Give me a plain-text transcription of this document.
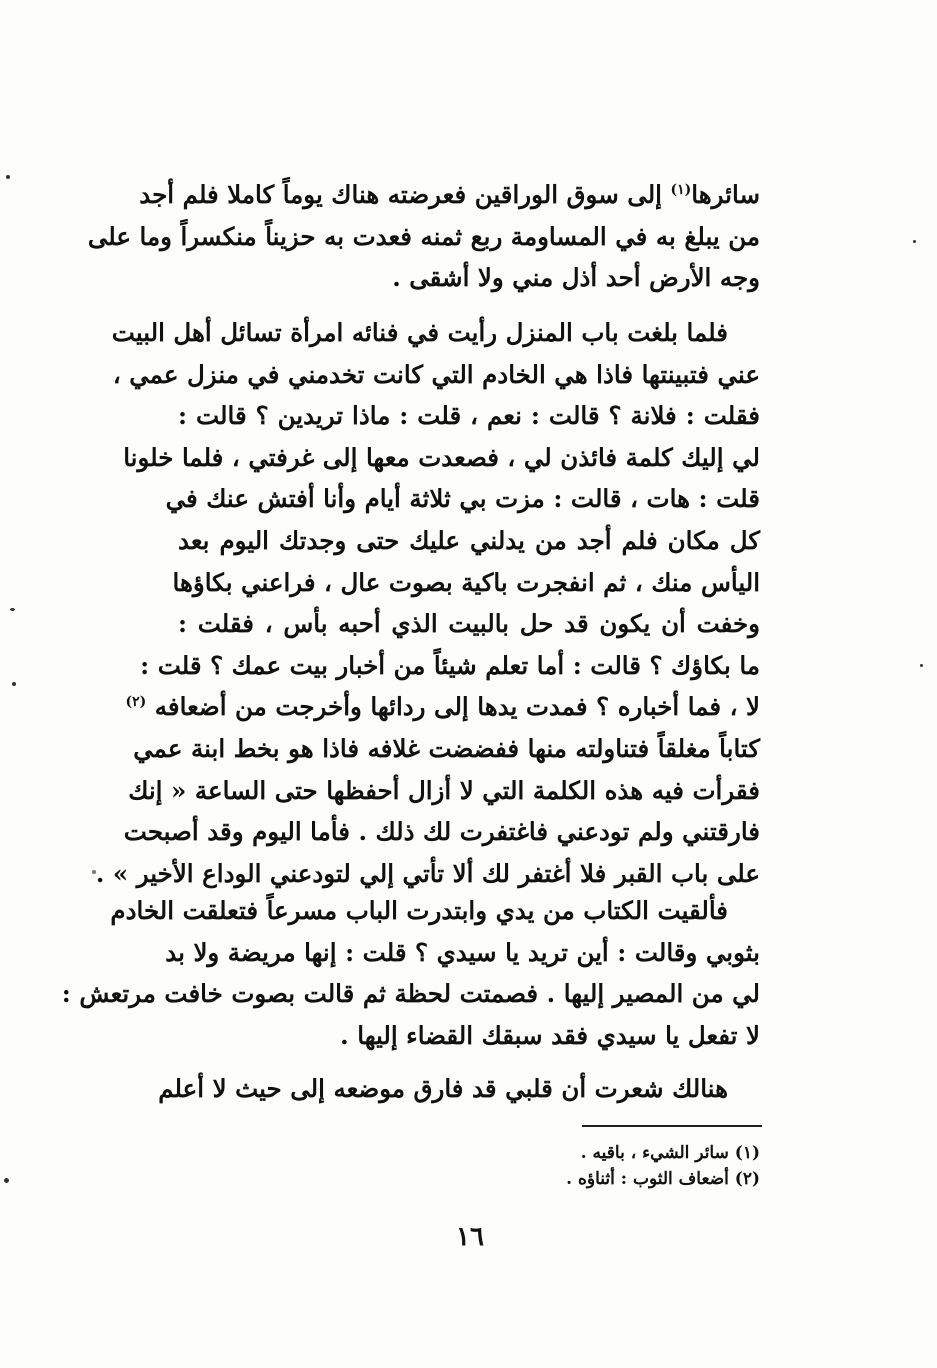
سائرها$^{(١)}$ إلى سوق الوراقين فعرضته هناك يوماً كاملا فلم أجد
من يبلغ به في المساومة ربع ثمنه فعدت به حزيناً منكسراً وما على
وجه الأرض أحد أذل مني ولا أشقى .
فلما بلغت باب المنزل رأيت في فنائه امرأة تسائل أهل البيت
عني فتبينتها فاذا هي الخادم التي كانت تخدمني في منزل عمي ،
فقلت : فلانة ؟ قالت : نعم ، قلت : ماذا تريدين ؟ قالت :
لي إليك كلمة فائذن لي ، فصعدت معها إلى غرفتي ، فلما خلونا
قلت : هات ، قالت : مزت بي ثلاثة أيام وأنا أفتش عنك في
كل مكان فلم أجد من يدلني عليك حتى وجدتك اليوم بعد
اليأس منك ، ثم انفجرت باكية بصوت عال ، فراعني بكاؤها
وخفت أن يكون قد حل بالبيت الذي أحبه بأس ، فقلت :
ما بكاؤك ؟ قالت : أما تعلم شيئاً من أخبار بيت عمك ؟ قلت :
لا ، فما أخباره ؟ فمدت يدها إلى ردائها وأخرجت من أضعافه $^{(٢)}$
كتاباً مغلقاً فتناولته منها ففضضت غلافه فاذا هو بخط ابنة عمي
فقرأت فيه هذه الكلمة التي لا أزال أحفظها حتى الساعة « إنك
فارقتني ولم تودعني فاغتفرت لك ذلك . فأما اليوم وقد أصبحت
على باب القبر فلا أغتفر لك ألا تأتي إلي لتودعني الوداع الأخير » .
فألقيت الكتاب من يدي وابتدرت الباب مسرعاً فتعلقت الخادم
بثوبي وقالت : أين تريد يا سيدي ؟ قلت : إنها مريضة ولا بد
لي من المصير إليها . فصمتت لحظة ثم قالت بصوت خافت مرتعش :
لا تفعل يا سيدي فقد سبقك القضاء إليها .
هنالك شعرت أن قلبي قد فارق موضعه إلى حيث لا أعلم
(١) سائر الشيء ، باقيه .
(٢) أضعاف الثوب : أثناؤه .
١٦
